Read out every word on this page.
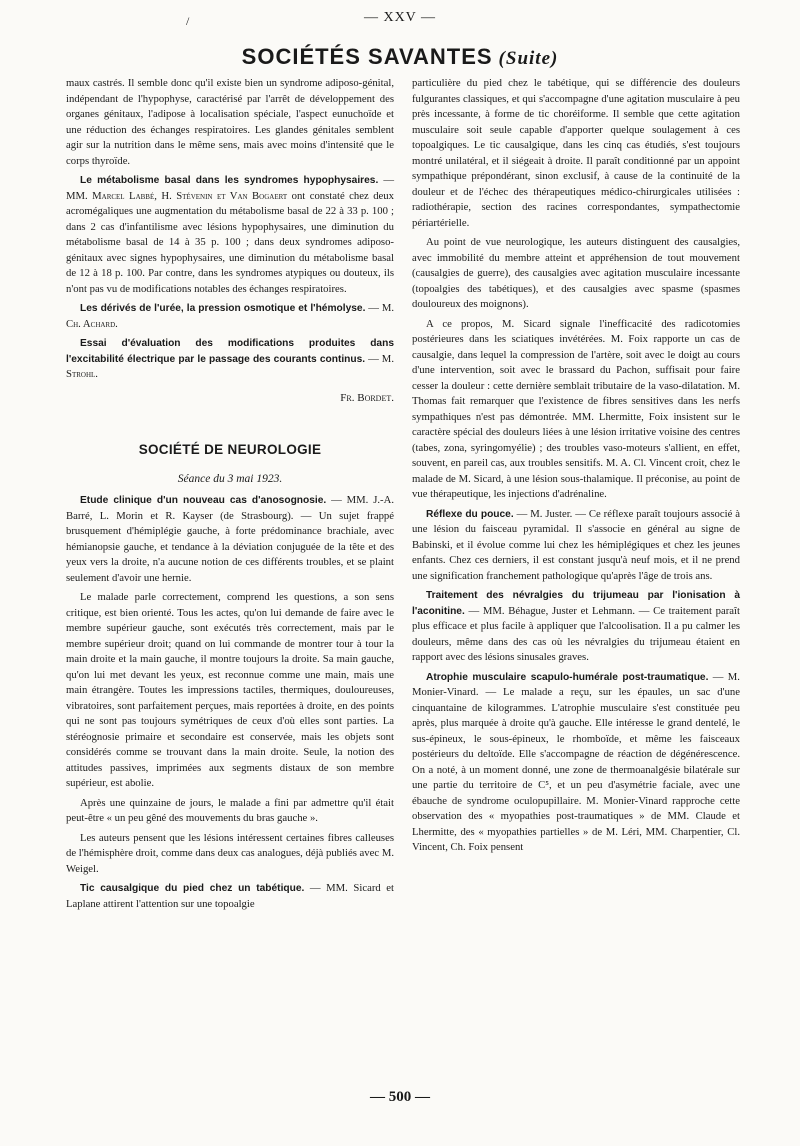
/	— XXV —
SOCIÉTÉS SAVANTES (Suite)

maux castrés. Il semble donc qu'il existe bien un syndrome adiposo-génital, indépendant de l'hypophyse, caractérisé par l'arrêt de développement des organes génitaux, l'adipose à localisation spéciale, l'aspect eunuchoïde et une réduction des échanges respiratoires. Les glandes génitales semblent agir sur la nutrition dans le même sens, mais avec moins d'intensité que le corps thyroïde.

Le métabolisme basal dans les syndromes hypophysaires. — MM. Marcel Labbé, H. Stévenin et Van Bogaert ont constaté chez deux acromégaliques une augmentation du métabolisme basal de 22 à 33 p. 100 ; dans 2 cas d'infantilisme avec lésions hypophysaires, une diminution du métabolisme basal de 14 à 35 p. 100 ; dans deux syndromes adiposo-génitaux avec signes hypophysaires, une diminution du métabolisme basal de 12 à 18 p. 100. Par contre, dans les syndromes atypiques ou douteux, ils n'ont pas vu de modifications notables des échanges respiratoires.

Les dérivés de l'urée, la pression osmotique et l'hémolyse. — M. Ch. Achard.

Essai d'évaluation des modifications produites dans l'excitabilité électrique par le passage des courants continus. — M. Strohl.

Fr. Bordet.
SOCIÉTÉ DE NEUROLOGIE
Séance du 3 mai 1923.

Etude clinique d'un nouveau cas d'anosognosie. — MM. J.-A. Barré, L. Morin et R. Kayser (de Strasbourg). — Un sujet frappé brusquement d'hémiplégie gauche, à forte prédominance brachiale, avec hémianopsie gauche, et tendance à la déviation conjuguée de la tête et des yeux vers la droite, n'a aucune notion de ces différents troubles, et se plaint seulement d'avoir une hernie.

Le malade parle correctement, comprend les questions, a son sens critique, est bien orienté. Tous les actes, qu'on lui demande de faire avec le membre supérieur gauche, sont exécutés très correctement, mais par le membre supérieur droit; quand on lui commande de montrer tour à tour la main droite et la main gauche, il montre toujours la droite. Sa main gauche, qu'on lui met devant les yeux, est reconnue comme une main, mais une main étrangère. Toutes les impressions tactiles, thermiques, douloureuses, vibratoires, sont parfaitement perçues, mais reportées à droite, en des points qui ne sont pas toujours symétriques de ceux d'où elles sont parties. La stéréognosie primaire et secondaire est conservée, mais les objets sont considérés comme se trouvant dans la main droite. Seule, la notion des attitudes passives, imprimées aux segments distaux de son membre supérieur, est abolie.

Après une quinzaine de jours, le malade a fini par admettre qu'il était peut-être « un peu gêné des mouvements du bras gauche ».

Les auteurs pensent que les lésions intéressent certaines fibres calleuses de l'hémisphère droit, comme dans deux cas analogues, déjà publiés avec M. Weigel.

Tic causalgique du pied chez un tabétique. — MM. Sicard et Laplane attirent l'attention sur une topoalgie

particulière du pied chez le tabétique, qui se différencie des douleurs fulgurantes classiques, et qui s'accompagne d'une agitation musculaire à peu près incessante, à forme de tic choréiforme. Il semble que cette agitation musculaire soit seule capable d'apporter quelque soulagement à ces topoalgiques. Le tic causalgique, dans les cinq cas étudiés, s'est toujours montré unilatéral, et il siégeait à droite. Il paraît conditionné par un appoint sympathique prépondérant, sinon exclusif, à cause de la continuité de la douleur et de l'échec des thérapeutiques médico-chirurgicales utilisées : radiothérapie, section des racines correspondantes, sympathectomie périartérielle.

Au point de vue neurologique, les auteurs distinguent des causalgies, avec immobilité du membre atteint et appréhension de tout mouvement (causalgies de guerre), des causalgies avec agitation musculaire incessante (topoalgies des tabétiques), et des causalgies avec spasme (spasmes douloureux des moignons).

A ce propos, M. Sicard signale l'inefficacité des radicotomies postérieures dans les sciatiques invétérées. M. Foix rapporte un cas de causalgie, dans lequel la compression de l'artère, soit avec le doigt au cours d'une intervention, soit avec le brassard du Pachon, suffisait pour faire cesser la douleur : cette dernière semblait tributaire de la vaso-dilatation. M. Thomas fait remarquer que l'existence de fibres sensitives dans les nerfs sympathiques n'est pas démontrée. MM. Lhermitte, Foix insistent sur le caractère spécial des douleurs liées à une lésion irritative voisine des centres (tabes, zona, syringomyélie) ; des troubles vaso-moteurs s'allient, en effet, souvent, en pareil cas, aux troubles sensitifs. M. A. Cl. Vincent croit, chez le malade de M. Sicard, à une lésion sous-thalamique. Il préconise, au point de vue thérapeutique, les injections d'adrénaline.

Réflexe du pouce. — M. Juster. — Ce réflexe paraît toujours associé à une lésion du faisceau pyramidal. Il s'associe en général au signe de Babinski, et il évolue comme lui chez les hémiplégiques et chez les jeunes enfants. Chez ces derniers, il est constant jusqu'à neuf mois, et il ne prend une signification franchement pathologique qu'après l'âge de trois ans.

Traitement des névralgies du trijumeau par l'ionisation à l'aconitine. — MM. Béhague, Juster et Lehmann. — Ce traitement paraît plus efficace et plus facile à appliquer que l'alcoolisation. Il a pu calmer les douleurs, même dans des cas où les névralgies du trijumeau étaient en rapport avec des lésions sinusales graves.

Atrophie musculaire scapulo-humérale post-traumatique. — M. Monier-Vinard. — Le malade a reçu, sur les épaules, un sac d'une cinquantaine de kilogrammes. L'atrophie musculaire s'est constituée peu après, plus marquée à droite qu'à gauche. Elle intéresse le grand dentelé, le sus-épineux, le sous-épineux, le rhomboïde, et même les faisceaux postérieurs du deltoïde. Elle s'accompagne de réaction de dégénérescence. On a noté, à un moment donné, une zone de thermoanalgésie bilatérale sur une partie du territoire de C⁵, et un peu d'asymétrie faciale, avec une ébauche de syndrome oculopupillaire. M. Monier-Vinard rapproche cette observation des « myopathies post-traumatiques » de MM. Claude et Lhermitte, des « myopathies partielles » de M. Léri, MM. Charpentier, Cl. Vincent, Ch. Foix pensent

— 500 —
